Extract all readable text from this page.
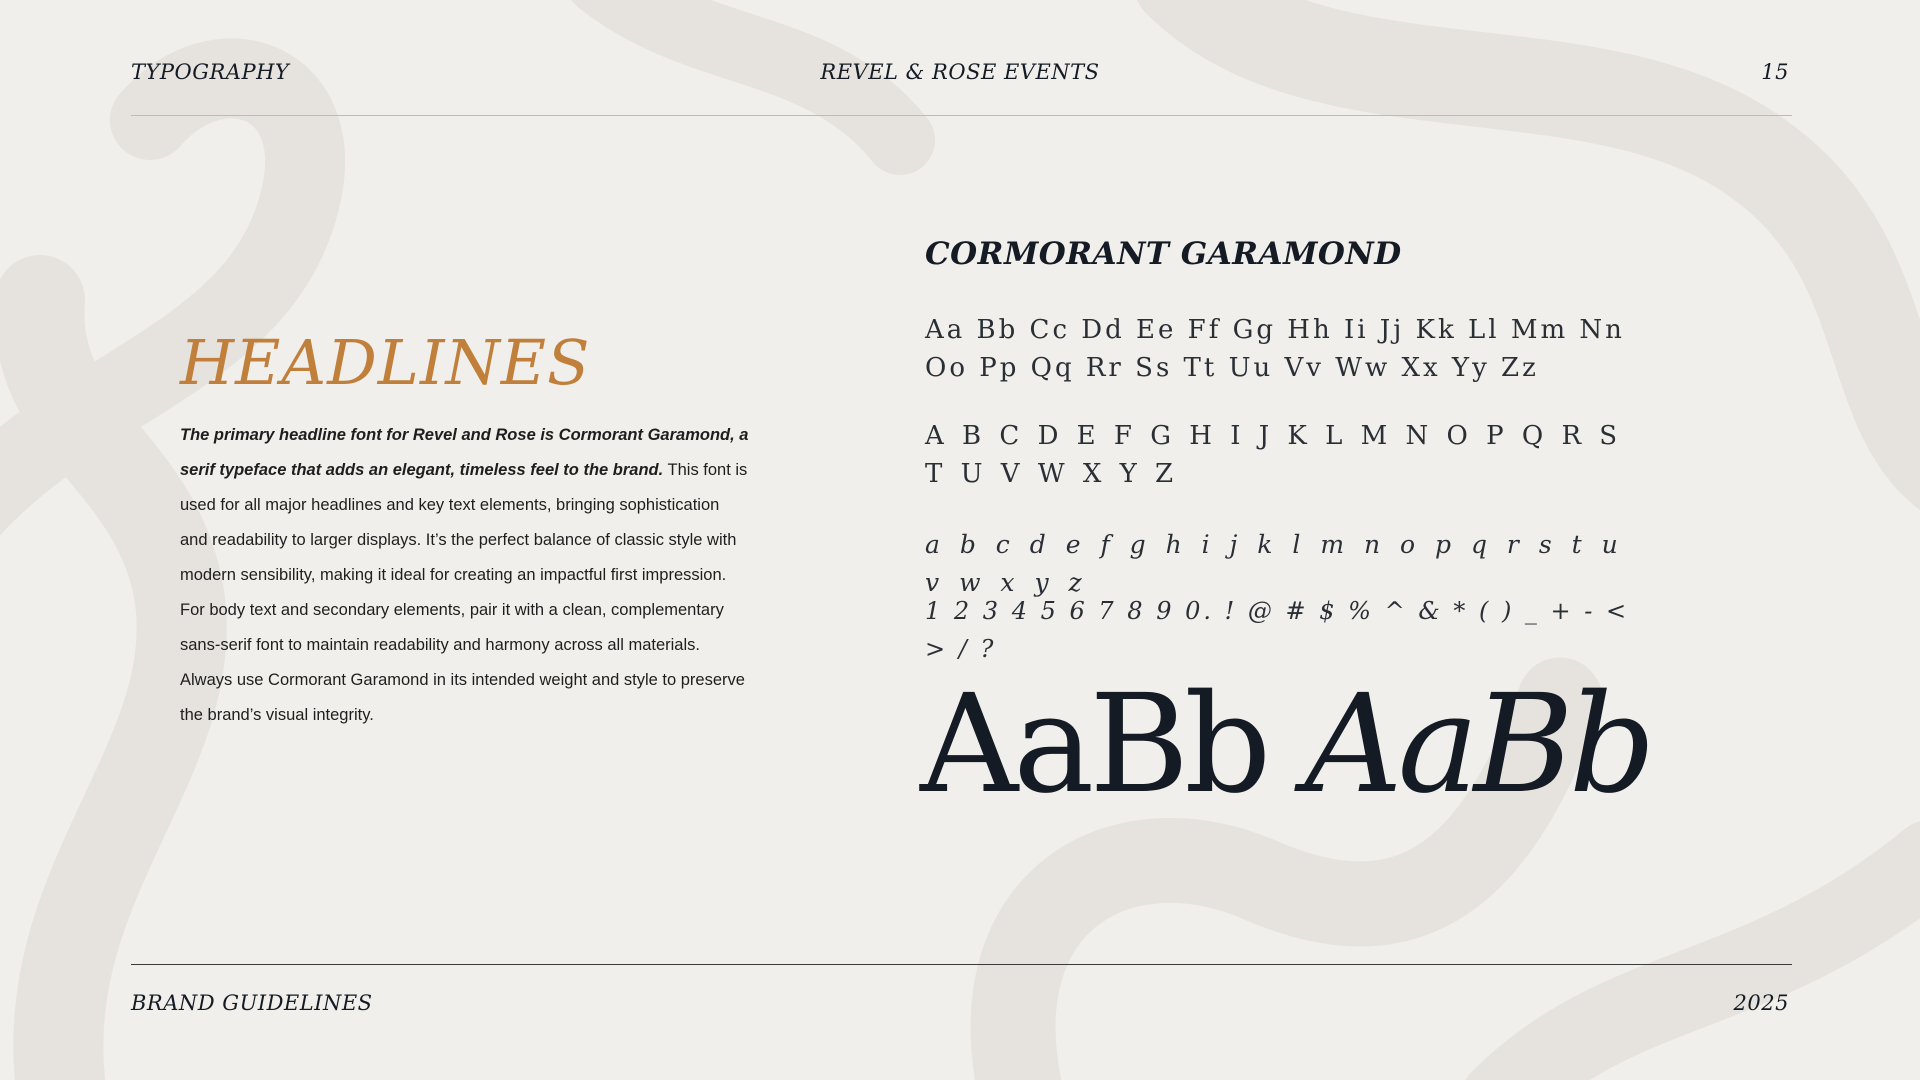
TYPOGRAPHY	REVEL & ROSE EVENTS	15
HEADLINES

The primary headline font for Revel and Rose is Cormorant Garamond, a serif typeface that adds an elegant, timeless feel to the brand. This font is used for all major headlines and key text elements, bringing sophistication and readability to larger displays. It’s the perfect balance of classic style with modern sensibility, making it ideal for creating an impactful first impression. For body text and secondary elements, pair it with a clean, complementary sans-serif font to maintain readability and harmony across all materials. Always use Cormorant Garamond in its intended weight and style to preserve the brand’s visual integrity.

CORMORANT GARAMOND

Aa Bb Cc Dd Ee Ff Gg Hh Ii Jj Kk Ll Mm Nn Oo Pp Qq Rr Ss Tt Uu Vv Ww Xx Yy Zz

A B C D E F G H I J K L M N O P Q R S T U V W X Y Z

a b c d e f g h i j k l m n o p q r s t u v w x y z

1 2 3 4 5 6 7 8 9 0. ! @ # $ % ^ & * ( ) _ + - < > / ?

AaBb AaBb
BRAND GUIDELINES	2025
